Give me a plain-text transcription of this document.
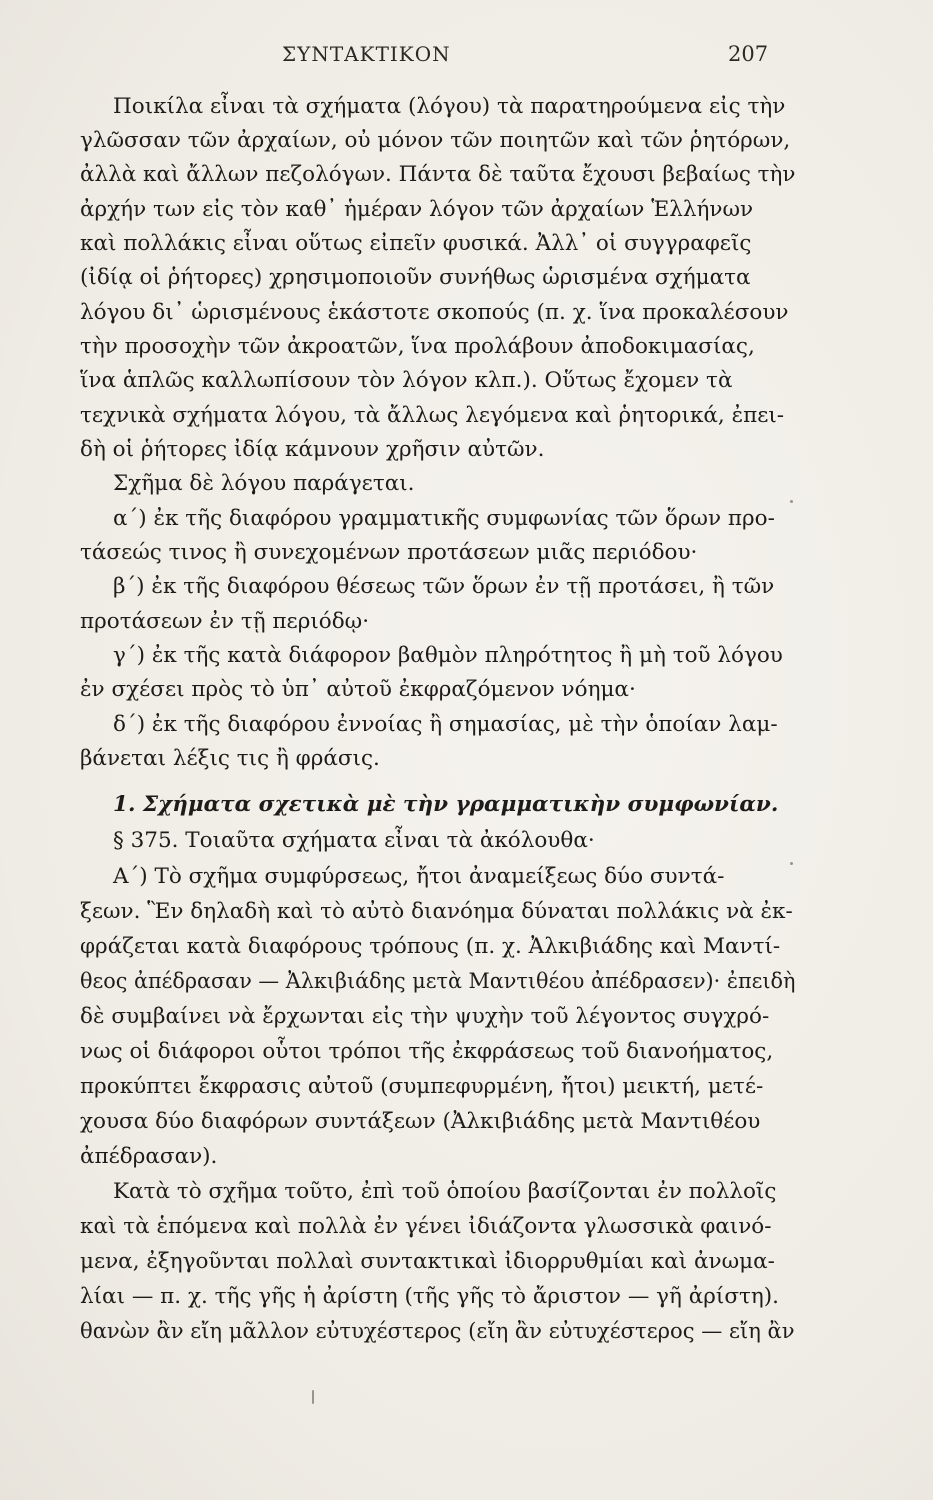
ΣΥΝΤΑΚΤΙΚΟΝ	207
Ποικίλα εἶναι τὰ σχήματα (λόγου) τὰ παρατηρούμενα εἰς τὴν
γλῶσσαν τῶν ἀρχαίων, οὐ μόνον τῶν ποιητῶν καὶ τῶν ῥητόρων,
ἀλλὰ καὶ ἄλλων πεζολόγων. Πάντα δὲ ταῦτα ἔχουσι βεβαίως τὴν
ἀρχήν των εἰς τὸν καθ᾽ ἡμέραν λόγον τῶν ἀρχαίων Ἑλλήνων
καὶ πολλάκις εἶναι οὕτως εἰπεῖν φυσικά. Ἀλλ᾽ οἱ συγγραφεῖς
(ἰδίᾳ οἱ ῥήτορες) χρησιμοποιοῦν συνήθως ὡρισμένα σχήματα
λόγου δι᾽ ὡρισμένους ἑκάστοτε σκοπούς (π. χ. ἵνα προκαλέσουν
τὴν προσοχὴν τῶν ἀκροατῶν, ἵνα προλάβουν ἀποδοκιμασίας,
ἵνα ἁπλῶς καλλωπίσουν τὸν λόγον κλπ.). Οὕτως ἔχομεν τὰ
τεχνικὰ σχήματα λόγου, τὰ ἄλλως λεγόμενα καὶ ῥητορικά, ἐπει-
δὴ οἱ ῥήτορες ἰδίᾳ κάμνουν χρῆσιν αὐτῶν.
Σχῆμα δὲ λόγου παράγεται.
α΄) ἐκ τῆς διαφόρου γραμματικῆς συμφωνίας τῶν ὅρων προ-
τάσεώς τινος ἢ συνεχομένων προτάσεων μιᾶς περιόδου·
β΄) ἐκ τῆς διαφόρου θέσεως τῶν ὅρων ἐν τῇ προτάσει, ἢ τῶν
προτάσεων ἐν τῇ περιόδῳ·
γ΄) ἐκ τῆς κατὰ διάφορον βαθμὸν πληρότητος ἢ μὴ τοῦ λόγου
ἐν σχέσει πρὸς τὸ ὑπ᾽ αὐτοῦ ἐκφραζόμενον νόημα·
δ΄) ἐκ τῆς διαφόρου ἐννοίας ἢ σημασίας, μὲ τὴν ὁποίαν λαμ-
βάνεται λέξις τις ἢ φράσις.
1. Σχήματα σχετικὰ μὲ τὴν γραμματικὴν συμφωνίαν.
§ 375. Τοιαῦτα σχήματα εἶναι τὰ ἀκόλουθα·
Α΄) Τὸ σχῆμα συμφύρσεως, ἤτοι ἀναμείξεως δύο συντά-
ξεων. Ἓν δηλαδὴ καὶ τὸ αὐτὸ διανόημα δύναται πολλάκις νὰ ἐκ-
φράζεται κατὰ διαφόρους τρόπους (π. χ. Ἀλκιβιάδης καὶ Μαντί-
θεος ἀπέδρασαν — Ἀλκιβιάδης μετὰ Μαντιθέου ἀπέδρασεν)· ἐπειδὴ
δὲ συμβαίνει νὰ ἔρχωνται εἰς τὴν ψυχὴν τοῦ λέγοντος συγχρό-
νως οἱ διάφοροι οὗτοι τρόποι τῆς ἐκφράσεως τοῦ διανοήματος,
προκύπτει ἔκφρασις αὐτοῦ (συμπεφυρμένη, ἤτοι) μεικτή, μετέ-
χουσα δύο διαφόρων συντάξεων (Ἀλκιβιάδης μετὰ Μαντιθέου
ἀπέδρασαν).
Κατὰ τὸ σχῆμα τοῦτο, ἐπὶ τοῦ ὁποίου βασίζονται ἐν πολλοῖς
καὶ τὰ ἑπόμενα καὶ πολλὰ ἐν γένει ἰδιάζοντα γλωσσικὰ φαινό-
μενα, ἐξηγοῦνται πολλαὶ συντακτικαὶ ἰδιορρυθμίαι καὶ ἀνωμα-
λίαι — π. χ. τῆς γῆς ἡ ἀρίστη (τῆς γῆς τὸ ἄριστον — γῆ ἀρίστη).
θανὼν ἂν εἴη μᾶλλον εὐτυχέστερος (εἴη ἂν εὐτυχέστερος — εἴη ἂν
